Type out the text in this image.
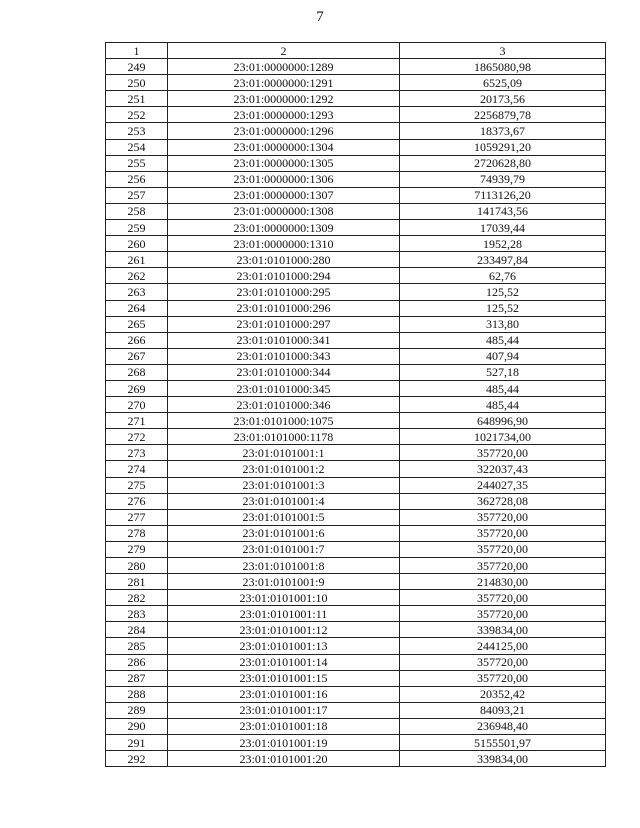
7
1	2	3
249	23:01:0000000:1289	1865080,98
250	23:01:0000000:1291	6525,09
251	23:01:0000000:1292	20173,56
252	23:01:0000000:1293	2256879,78
253	23:01:0000000:1296	18373,67
254	23:01:0000000:1304	1059291,20
255	23:01:0000000:1305	2720628,80
256	23:01:0000000:1306	74939,79
257	23:01:0000000:1307	7113126,20
258	23:01:0000000:1308	141743,56
259	23:01:0000000:1309	17039,44
260	23:01:0000000:1310	1952,28
261	23:01:0101000:280	233497,84
262	23:01:0101000:294	62,76
263	23:01:0101000:295	125,52
264	23:01:0101000:296	125,52
265	23:01:0101000:297	313,80
266	23:01:0101000:341	485,44
267	23:01:0101000:343	407,94
268	23:01:0101000:344	527,18
269	23:01:0101000:345	485,44
270	23:01:0101000:346	485,44
271	23:01:0101000:1075	648996,90
272	23:01:0101000:1178	1021734,00
273	23:01:0101001:1	357720,00
274	23:01:0101001:2	322037,43
275	23:01:0101001:3	244027,35
276	23:01:0101001:4	362728,08
277	23:01:0101001:5	357720,00
278	23:01:0101001:6	357720,00
279	23:01:0101001:7	357720,00
280	23:01:0101001:8	357720,00
281	23:01:0101001:9	214830,00
282	23:01:0101001:10	357720,00
283	23:01:0101001:11	357720,00
284	23:01:0101001:12	339834,00
285	23:01:0101001:13	244125,00
286	23:01:0101001:14	357720,00
287	23:01:0101001:15	357720,00
288	23:01:0101001:16	20352,42
289	23:01:0101001:17	84093,21
290	23:01:0101001:18	236948,40
291	23:01:0101001:19	5155501,97
292	23:01:0101001:20	339834,00
